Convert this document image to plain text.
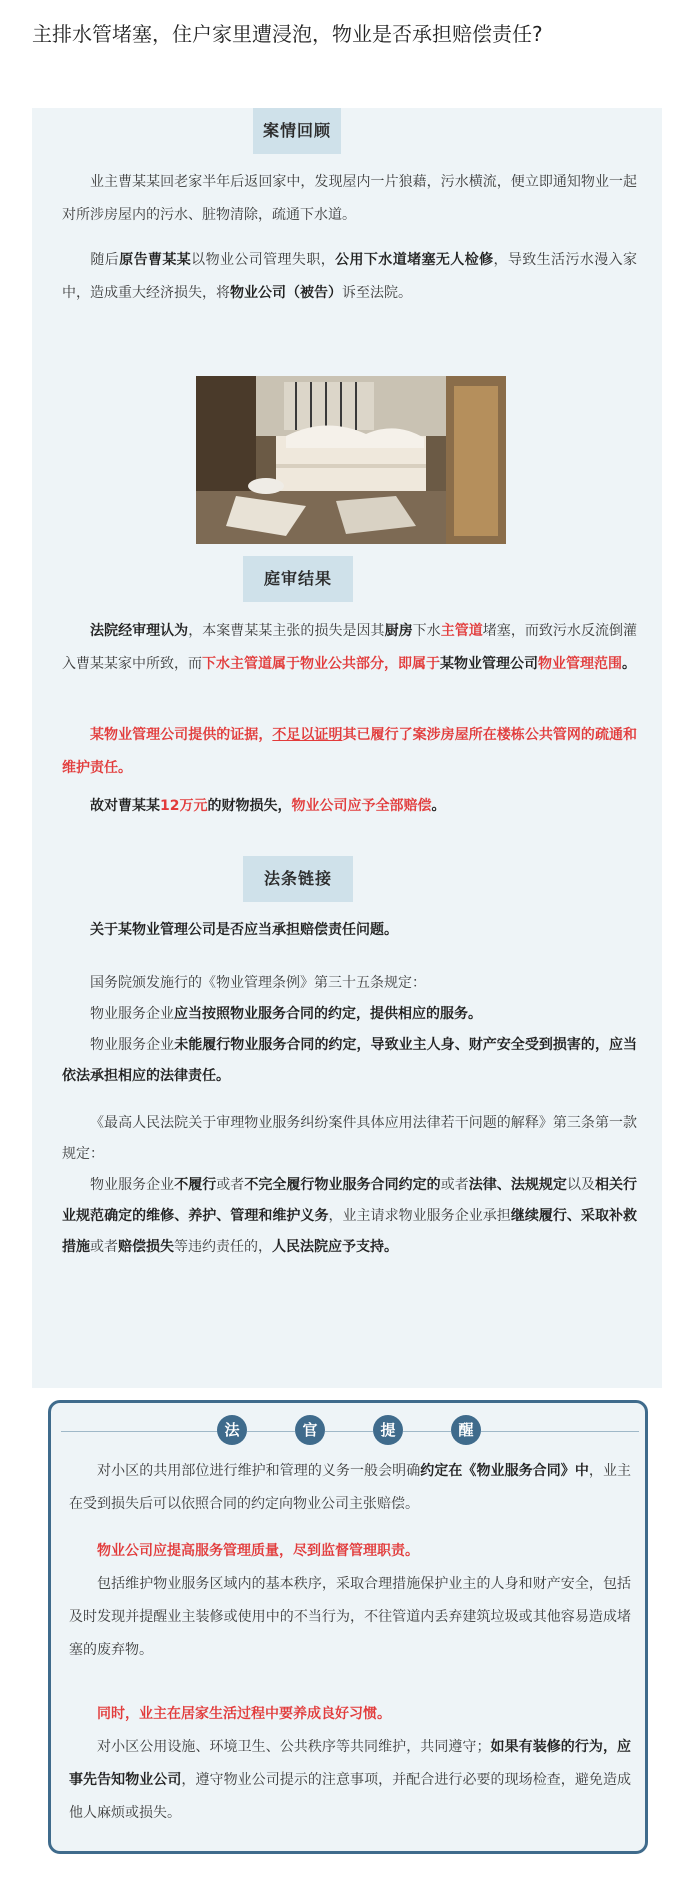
主排水管堵塞，住户家里遭浸泡，物业是否承担赔偿责任?
案情回顾

业主曹某某回老家半年后返回家中，发现屋内一片狼藉，污水横流，便立即通知物业一起对所涉房屋内的污水、脏物清除，疏通下水道。

随后原告曹某某以物业公司管理失职，公用下水道堵塞无人检修，导致生活污水漫入家中，造成重大经济损失，将物业公司（被告）诉至法院。

庭审结果

法院经审理认为，本案曹某某主张的损失是因其厨房下水主管道堵塞，而致污水反流倒灌入曹某某家中所致，而下水主管道属于物业公共部分，即属于某物业管理公司物业管理范围。

某物业管理公司提供的证据，不足以证明其已履行了案涉房屋所在楼栋公共管网的疏通和维护责任。

故对曹某某12万元的财物损失，物业公司应予全部赔偿。

法条链接

关于某物业管理公司是否应当承担赔偿责任问题。

国务院颁发施行的《物业管理条例》第三十五条规定：
物业服务企业应当按照物业服务合同的约定，提供相应的服务。
物业服务企业未能履行物业服务合同的约定，导致业主人身、财产安全受到损害的，应当依法承担相应的法律责任。

《最高人民法院关于审理物业服务纠纷案件具体应用法律若干问题的解释》第三条第一款规定：
物业服务企业不履行或者不完全履行物业服务合同约定的或者法律、法规规定以及相关行业规范确定的维修、养护、管理和维护义务，业主请求物业服务企业承担继续履行、采取补救措施或者赔偿损失等违约责任的，人民法院应予支持。

法	官	提	醒

对小区的共用部位进行维护和管理的义务一般会明确约定在《物业服务合同》中，业主在受到损失后可以依照合同的约定向物业公司主张赔偿。

物业公司应提高服务管理质量，尽到监督管理职责。
包括维护物业服务区域内的基本秩序，采取合理措施保护业主的人身和财产安全，包括及时发现并提醒业主装修或使用中的不当行为，不往管道内丢弃建筑垃圾或其他容易造成堵塞的废弃物。

同时，业主在居家生活过程中要养成良好习惯。
对小区公用设施、环境卫生、公共秩序等共同维护，共同遵守；如果有装修的行为，应事先告知物业公司，遵守物业公司提示的注意事项，并配合进行必要的现场检查，避免造成他人麻烦或损失。
